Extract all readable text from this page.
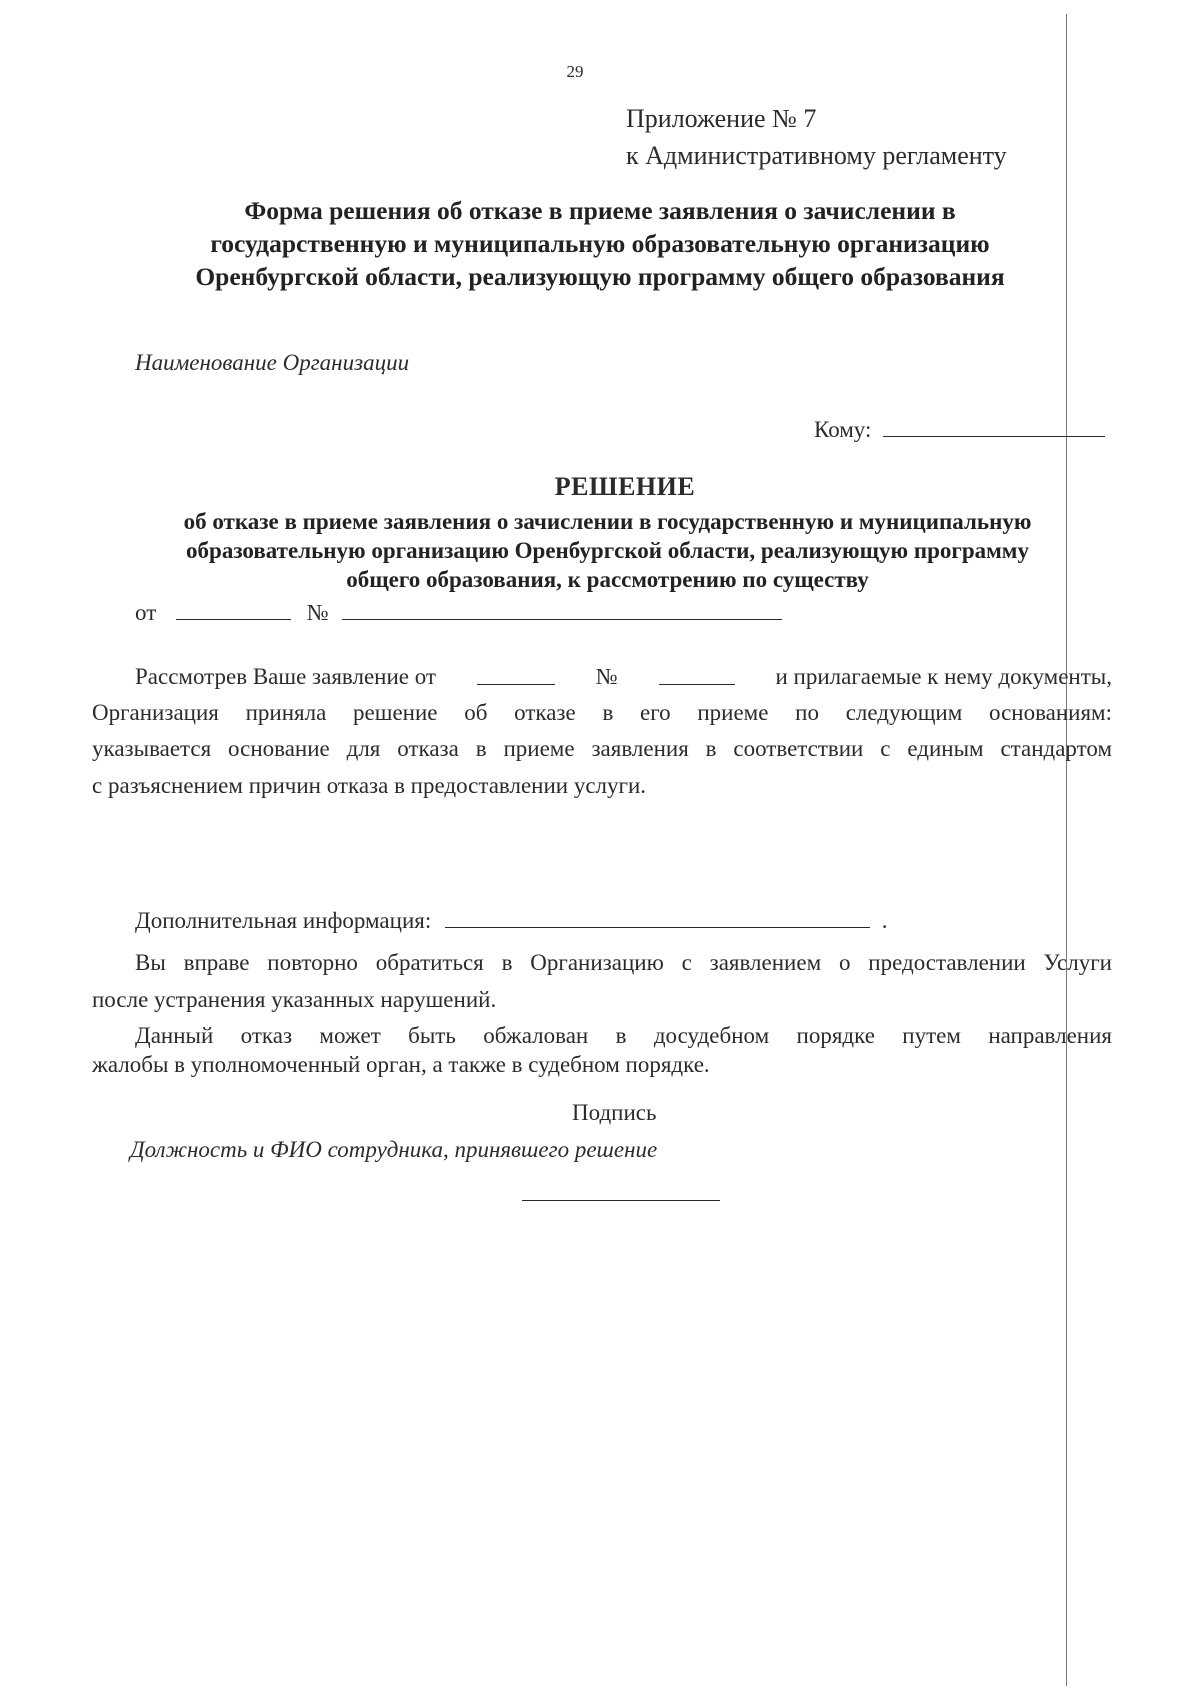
29
Приложение № 7
к Административному регламенту
Форма решения об отказе в приеме заявления о зачислении в
государственную и муниципальную образовательную организацию
Оренбургской области, реализующую программу общего образования
Наименование Организации
Кому:
РЕШЕНИЕ
об отказе в приеме заявления о зачислении в государственную и муниципальную
образовательную организацию Оренбургской области, реализующую программу
общего образования, к рассмотрению по существу
от	№
Рассмотрев Ваше заявление от	№	и прилагаемые к нему документы,
Организация приняла решение об отказе в его приеме по следующим основаниям:
указывается основание для отказа в приеме заявления в соответствии с единым стандартом
с разъяснением причин отказа в предоставлении услуги.
Дополнительная информация:	.
Вы вправе повторно обратиться в Организацию с заявлением о предоставлении Услуги
после устранения указанных нарушений.
Данный отказ может быть обжалован в досудебном порядке путем направления
жалобы в уполномоченный орган, а также в судебном порядке.
Подпись
Должность и ФИО сотрудника, принявшего решение
